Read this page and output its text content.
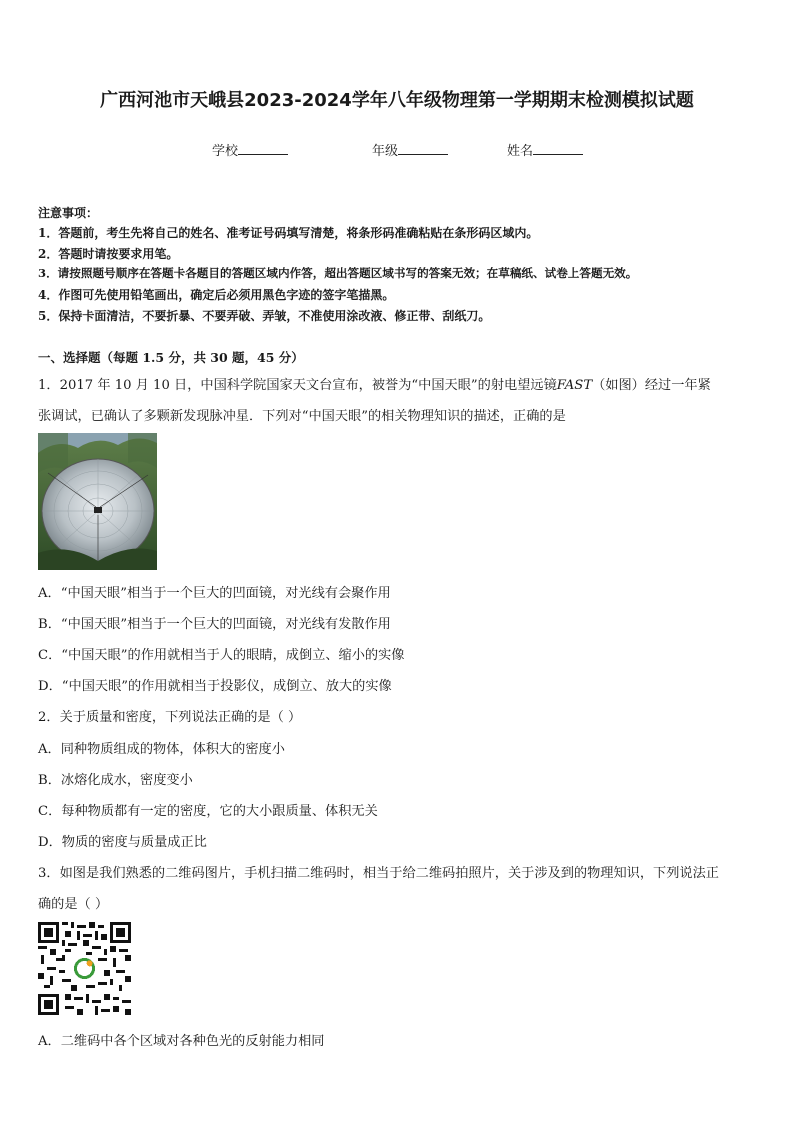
广西河池市天峨县2023-2024学年八年级物理第一学期期末检测模拟试题
学校	年级	姓名
注意事项：
1．答题前，考生先将自己的姓名、准考证号码填写清楚，将条形码准确粘贴在条形码区域内。
2．答题时请按要求用笔。
3．请按照题号顺序在答题卡各题目的答题区域内作答，超出答题区域书写的答案无效；在草稿纸、试卷上答题无效。
4．作图可先使用铅笔画出，确定后必须用黑色字迹的签字笔描黑。
5．保持卡面清洁，不要折暴、不要弄破、弄皱，不准使用涂改液、修正带、刮纸刀。
一、选择题（每题 1.5 分，共 30 题，45 分）
1．2017 年 10 月 10 日，中国科学院国家天文台宣布，被誉为“中国天眼”的射电望远镜FAST（如图）经过一年紧
张调试，已确认了多颗新发现脉冲星．下列对“中国天眼”的相关物理知识的描述，正确的是
A．“中国天眼”相当于一个巨大的凹面镜，对光线有会聚作用
B．“中国天眼”相当于一个巨大的凹面镜，对光线有发散作用
C．“中国天眼”的作用就相当于人的眼睛，成倒立、缩小的实像
D．“中国天眼”的作用就相当于投影仪，成倒立、放大的实像
2．关于质量和密度，下列说法正确的是（ ）
A．同种物质组成的物体，体积大的密度小
B．冰熔化成水，密度变小
C．每种物质都有一定的密度，它的大小跟质量、体积无关
D．物质的密度与质量成正比
3．如图是我们熟悉的二维码图片，手机扫描二维码时，相当于给二维码拍照片，关于涉及到的物理知识，下列说法正
确的是（ ）
A．二维码中各个区域对各种色光的反射能力相同
